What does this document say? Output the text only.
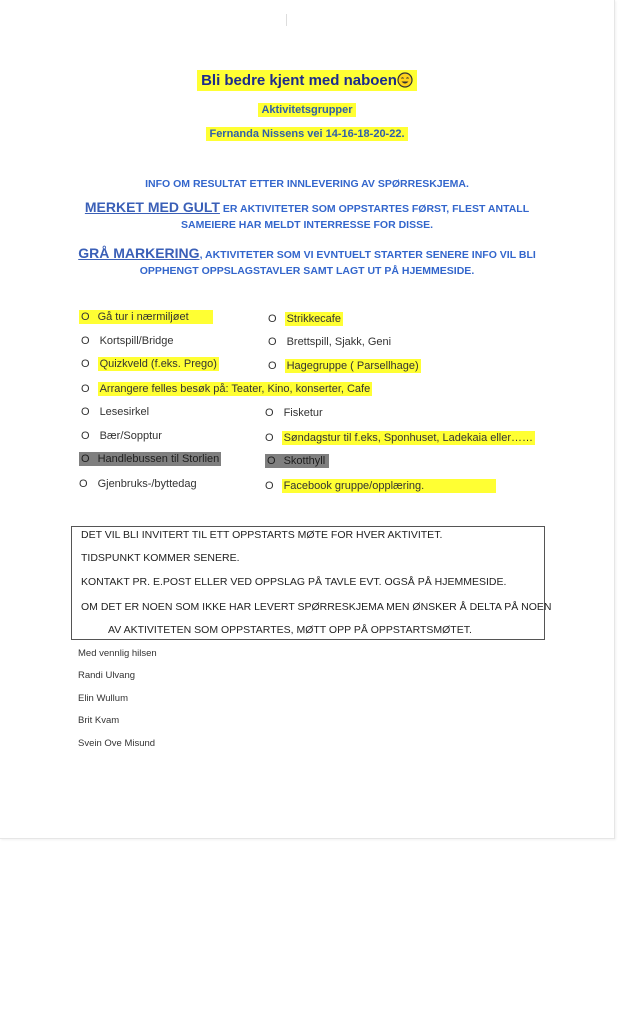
Bli bedre kjent med naboen
Aktivitetsgrupper
Fernanda Nissens vei 14-16-18-20-22.
INFO OM RESULTAT ETTER INNLEVERING AV SPØRRESKJEMA.
MERKET MED GULT ER AKTIVITETER SOM OPPSTARTES FØRST, FLEST ANTALL
SAMEIERE HAR MELDT INTERRESSE FOR DISSE.
GRÅ MARKERING, AKTIVITETER SOM VI EVNTUELT STARTER SENERE INFO VIL BLI
OPPHENGT OPPSLAGSTAVLER SAMT LAGT UT PÅ HJEMMESIDE.
O Gå tur i nærmiljøet
O Kortspill/Bridge
O Quizkveld (f.eks. Prego)
O Arrangere felles besøk på: Teater, Kino, konserter, Cafe
O Lesesirkel
O Bær/Sopptur
O Handlebussen til Storlien
O Gjenbruks-/byttedag
O Strikkecafe
O Brettspill, Sjakk, Geni
O Hagegruppe ( Parsellhage)
O Fisketur
O Søndagstur til f.eks, Sponhuset, Ladekaia eller……
O Skotthyll
O Facebook gruppe/opplæring.
DET VIL BLI INVITERT TIL ETT OPPSTARTS MØTE FOR HVER AKTIVITET.
TIDSPUNKT KOMMER SENERE.
KONTAKT PR. E.POST ELLER VED OPPSLAG PÅ TAVLE EVT. OGSÅ PÅ HJEMMESIDE.
OM DET ER NOEN SOM IKKE HAR LEVERT SPØRRESKJEMA MEN ØNSKER Å DELTA PÅ NOEN
AV AKTIVITETEN SOM OPPSTARTES, MØTT OPP PÅ OPPSTARTSMØTET.
Med vennlig hilsen
Randi Ulvang
Elin Wullum
Brit Kvam
Svein Ove Misund
